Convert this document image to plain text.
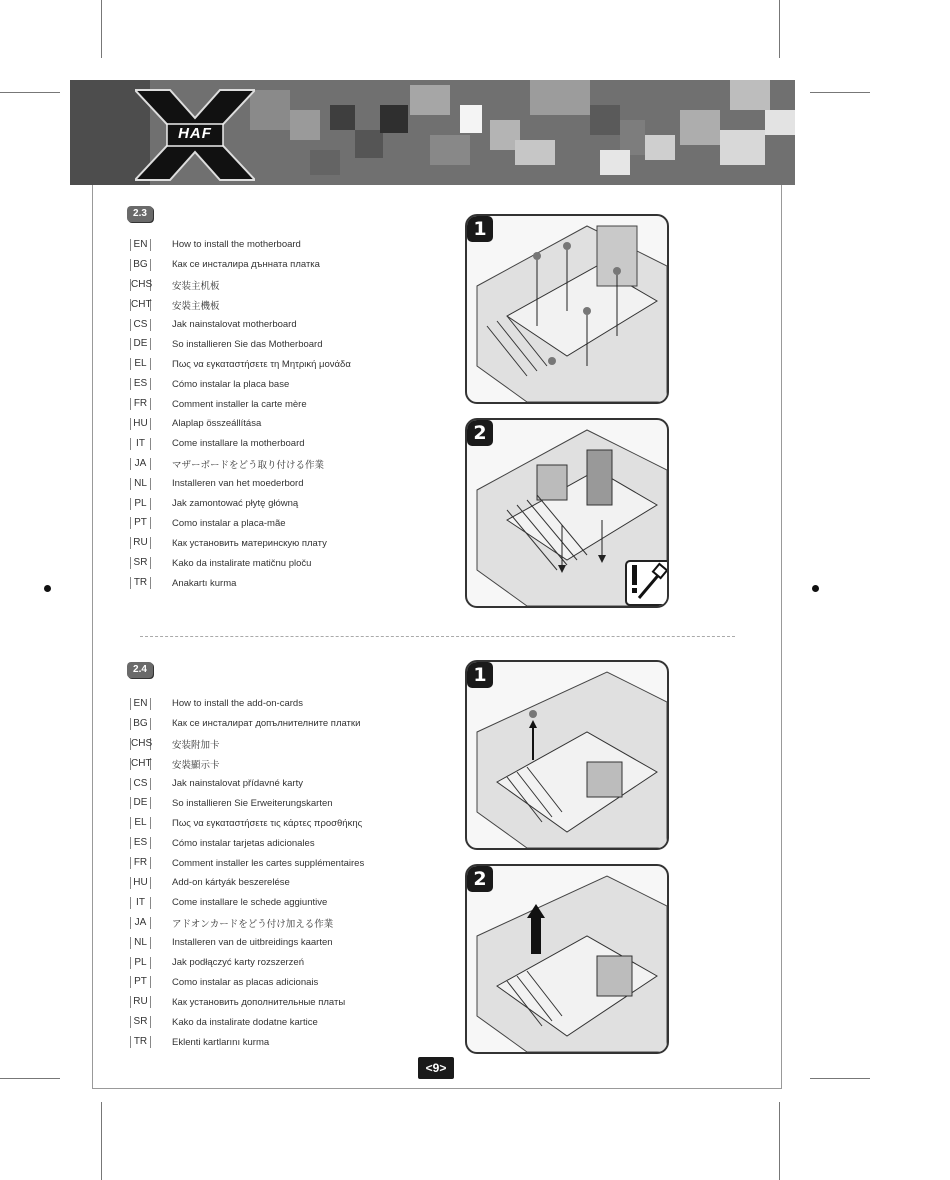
HAF
2.3
EN	How to install the motherboard
BG	Как се инсталира дънната платка
CHS 安装主机板
CHT 安裝主機板
CS	Jak nainstalovat motherboard
DE	So installieren Sie das Motherboard
EL	Πως να εγκαταστήσετε τη Μητρική μονάδα
ES	Cómo instalar la placa base
FR	Comment installer la carte mère
HU	Alaplap összeállítása
IT	Come installare la motherboard
JA	マザーボードをどう取り付ける作業
NL	Installeren van het moederbord
PL	Jak zamontować płytę główną
PT	Como instalar a placa-mãe
RU	Как установить материнскую плату
SR	Kako da instalirate matičnu ploču
TR	Anakartı kurma
1
2
2.4
EN	How to install the add-on-cards
BG	Как се инсталират допълнителните платки
CHS 安装附加卡
CHT 安裝顯示卡
CS	Jak nainstalovat přídavné karty
DE	So installieren Sie Erweiterungskarten
EL	Πως να εγκαταστήσετε τις κάρτες προσθήκης
ES	Cómo instalar tarjetas adicionales
FR	Comment installer les cartes supplémentaires
HU	Add-on kártyák beszerelése
IT	Come installare le schede aggiuntive
JA	アドオンカードをどう付け加える作業
NL	Installeren van de uitbreidings kaarten
PL	Jak podłączyć karty rozszerzeń
PT	Como instalar as placas adicionais
RU	Как установить дополнительные платы
SR	Kako da instalirate dodatne kartice
TR	Eklenti kartlarını kurma
1
2
<9>
